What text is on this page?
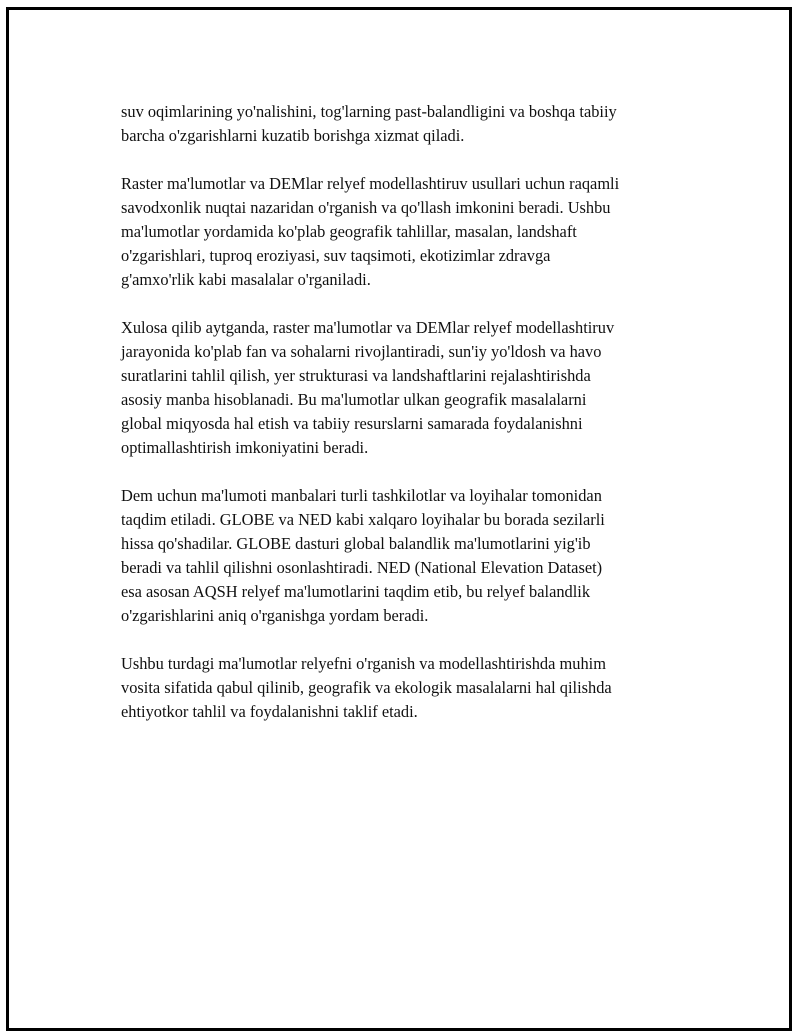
suv oqimlarining yo'nalishini, tog'larning past-balandligini va boshqa tabiiy
barcha o'zgarishlarni kuzatib borishga xizmat qiladi.

Raster ma'lumotlar va DEMlar relyef modellashtiruv usullari uchun raqamli
savodxonlik nuqtai nazaridan o'rganish va qo'llash imkonini beradi. Ushbu
ma'lumotlar yordamida ko'plab geografik tahlillar, masalan, landshaft
o'zgarishlari, tuproq eroziyasi, suv taqsimoti, ekotizimlar zdravga
g'amxo'rlik kabi masalalar o'rganiladi.

Xulosa qilib aytganda, raster ma'lumotlar va DEMlar relyef modellashtiruv
jarayonida ko'plab fan va sohalarni rivojlantiradi, sun'iy yo'ldosh va havo
suratlarini tahlil qilish, yer strukturasi va landshaftlarini rejalashtirishda
asosiy manba hisoblanadi. Bu ma'lumotlar ulkan geografik masalalarni
global miqyosda hal etish va tabiiy resurslarni samarada foydalanishni
optimallashtirish imkoniyatini beradi.

Dem uchun ma'lumoti manbalari turli tashkilotlar va loyihalar tomonidan
taqdim etiladi. GLOBE va NED kabi xalqaro loyihalar bu borada sezilarli
hissa qo'shadilar. GLOBE dasturi global balandlik ma'lumotlarini yig'ib
beradi va tahlil qilishni osonlashtiradi. NED (National Elevation Dataset)
esa asosan AQSH relyef ma'lumotlarini taqdim etib, bu relyef balandlik
o'zgarishlarini aniq o'rganishga yordam beradi.

Ushbu turdagi ma'lumotlar relyefni o'rganish va modellashtirishda muhim
vosita sifatida qabul qilinib, geografik va ekologik masalalarni hal qilishda
ehtiyotkor tahlil va foydalanishni taklif etadi.
